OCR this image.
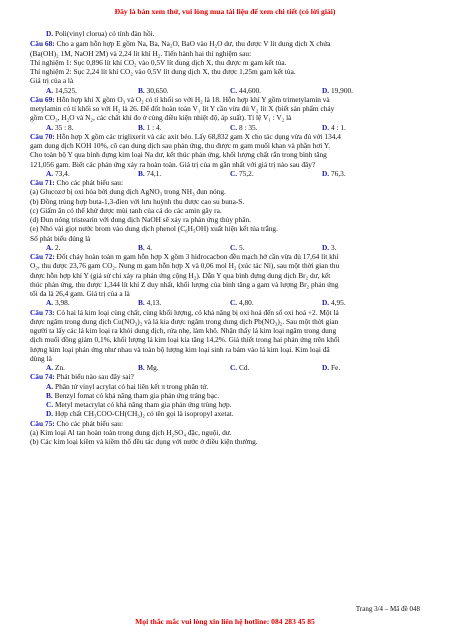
Đây là bản xem thử, vui lòng mua tài liệu để xem chi tiết (có lời giải)
D. Poli(vinyl clorua) có tính đàn hồi.
Câu 68: Cho a gam hỗn hợp E gồm Na, Ba, Na₂O, BaO vào H₂O dư, thu được V lít dung dịch X chứa
(Ba(OH)₂ 1M, NaOH 2M) và 2,24 lít khí H₂. Tiến hành hai thí nghiệm sau:
Thí nghiệm 1: Sục 0,896 lít khí CO₂ vào 0,5V lít dung dịch X, thu được m gam kết tủa.
Thí nghiệm 2: Sục 2,24 lít khí CO₂ vào 0,5V lít dung dịch X, thu được 1,25m gam kết tủa.
Giá trị của a là
A. 14,525.	B. 30,650.	C. 44,600.	D. 19,900.
Câu 69: Hỗn hợp khí X gồm O₃ và O₂ có tỉ khối so với H₂ là 18. Hỗn hợp khí Y gồm trimetylamin và
metylamin có tỉ khối so với H₂ là 26. Để đốt hoàn toàn V₁ lít Y cần vừa đủ V₂ lít X (biết sản phẩm cháy
gồm CO₂, H₂O và N₂, các chất khí đo ở cùng điều kiện nhiệt độ, áp suất). Tỉ lệ V₁ : V₂ là
A. 35 : 8.	B. 1 : 4.	C. 8 : 35.	D. 4 : 1.
Câu 70: Hỗn hợp X gồm các triglixerit và các axit béo. Lấy 68,832 gam X cho tác dụng vừa đủ với 134,4
gam dung dịch KOH 10%, cô cạn dung dịch sau phản ứng, thu được m gam muối khan và phần hơi Y.
Cho toàn bộ Y qua bình đựng kim loại Na dư, kết thúc phản ứng, khối lượng chất rắn trong bình tăng
121,056 gam. Biết các phản ứng xảy ra hoàn toàn. Giá trị của m gần nhất với giá trị nào sau đây?
A. 73,4.	B. 74,1.	C. 75,2.	D. 76,3.
Câu 71: Cho các phát biểu sau:
(a) Glucozơ bị oxi hóa bởi dung dịch AgNO₃ trong NH₃ đun nóng.
(b) Đồng trùng hợp buta-1,3-đien với lưu huỳnh thu được cao su buna-S.
(c) Giấm ăn có thể khử được mùi tanh của cá do các amin gây ra.
(d) Đun nóng tristearin với dung dịch NaOH sẽ xảy ra phản ứng thủy phân.
(e) Nhỏ vài giọt nước brom vào dung dịch phenol (C₆H₅OH) xuất hiện kết tủa trắng.
Số phát biểu đúng là
A. 2.	B. 4.	C. 5.	D. 3.
Câu 72: Đốt cháy hoàn toàn m gam hỗn hợp X gồm 3 hidrocacbon đều mạch hở cần vừa đủ 17,64 lít khí
O₂, thu được 23,76 gam CO₂. Nung m gam hỗn hợp X và 0,06 mol H₂ (xúc tác Ni), sau một thời gian thu
được hỗn hợp khí Y (giả sử chỉ xảy ra phản ứng cộng H₂). Dẫn Y qua bình đựng dung dịch Br₂ dư, kết
thúc phản ứng, thu được 1,344 lít khí Z duy nhất, khối lượng của bình tăng a gam và lượng Br₂ phản ứng
tối đa là 26,4 gam. Giá trị của a là
A. 3,98.	B. 4,13.	C. 4,80.	D. 4,95.
Câu 73: Có hai lá kim loại cùng chất, cùng khối lượng, có khả năng bị oxi hoá đến số oxi hoá +2. Một lá
được ngâm trong dung dịch Cu(NO₃)₂ và lá kia được ngâm trong dung dịch Pb(NO₃)₂. Sau một thời gian
người ta lấy các lá kim loại ra khỏi dung dịch, rửa nhẹ, làm khô. Nhận thấy lá kim loại ngâm trong dung
dịch muối đồng giảm 0,1%, khối lượng lá kim loại kia tăng 14,2%. Giả thiết trong hai phản ứng trên khối
lượng kim loại phản ứng như nhau và toàn bộ lượng kim loại sinh ra bám vào lá kim loại. Kim loại đã
dùng là
A. Zn.	B. Mg.	C. Cd.	D. Fe.
Câu 74: Phát biểu nào sau đây sai?
A. Phân tử vinyl acrylat có hai liên kết π trong phân tử.
B. Benzyl fomat có khả năng tham gia phản ứng tráng bạc.
C. Metyl metacrylat có khả năng tham gia phản ứng trùng hợp.
D. Hợp chất CH₃COO-CH(CH₃)₂ có tên gọi là isopropyl axetat.
Câu 75: Cho các phát biểu sau:
(a) Kim loại Al tan hoàn toàn trong dung dịch H₂SO₄ đặc, nguội, dư.
(b) Các kim loại kiềm và kiềm thổ đều tác dụng với nước ở điều kiện thường.
Trang 3/4 – Mã đề 048
Mọi thắc mắc vui lòng xin liên hệ hotline: 084 283 45 85
